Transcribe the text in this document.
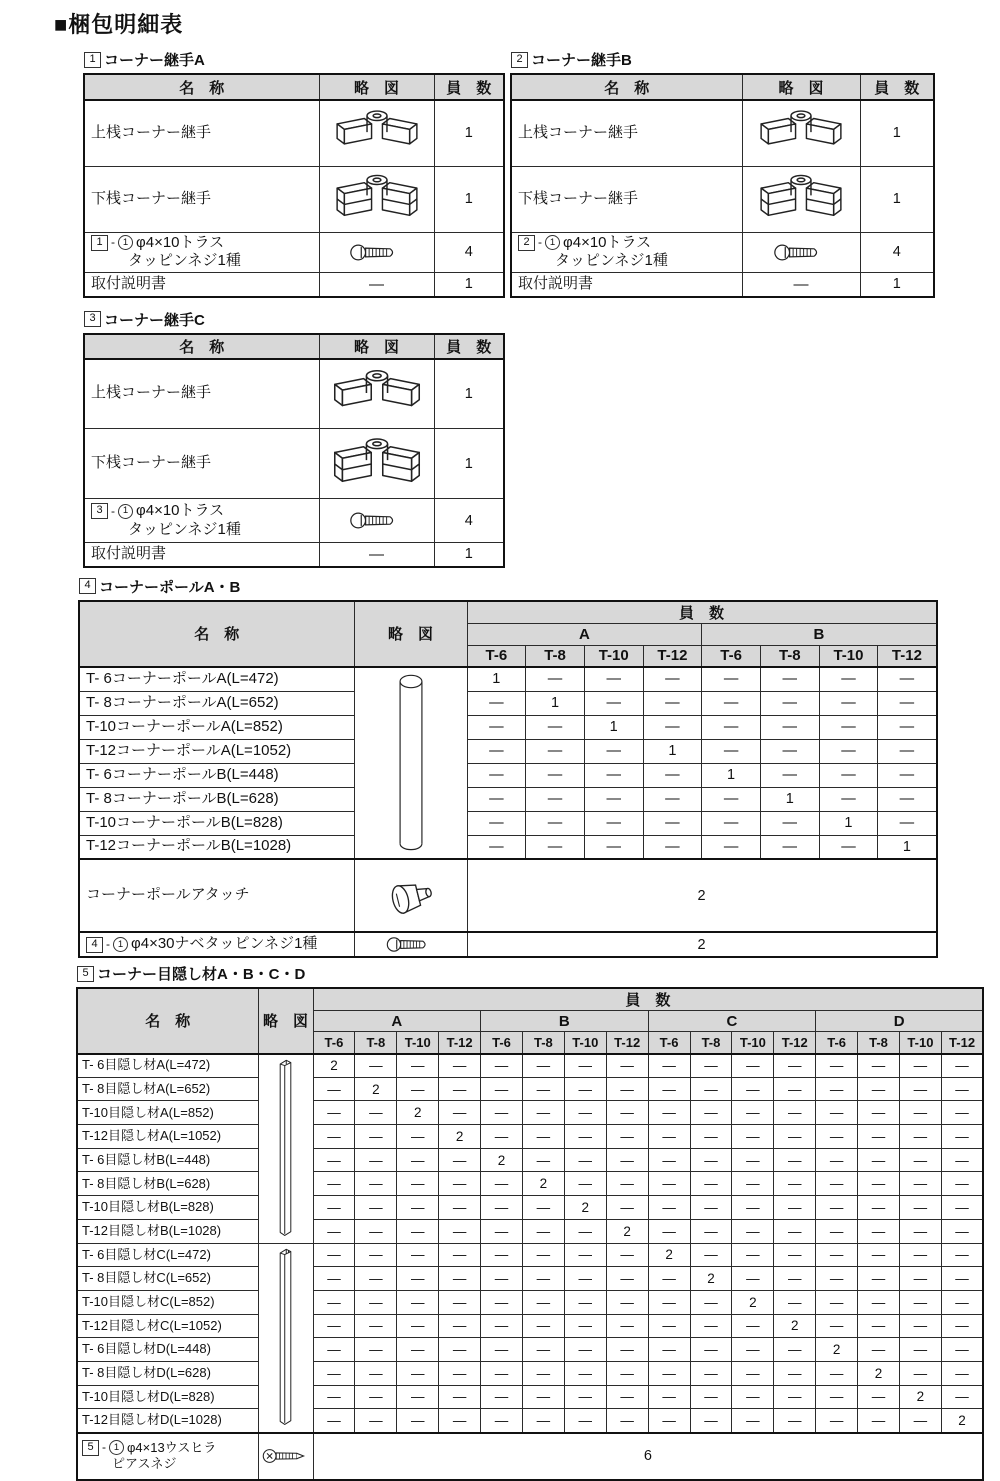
■梱包明細表
1 コーナー継手A
名　称	略　図	員　数
上桟コーナー継手		1
下桟コーナー継手		1

1 - 1 φ4×10トラス
タッピンネジ1種		4
取付説明書	―	1
2 コーナー継手B
名　称	略　図	員　数
上桟コーナー継手		1
下桟コーナー継手		1

2 - 1 φ4×10トラス
タッピンネジ1種		4
取付説明書	―	1
3 コーナー継手C
名　称	略　図	員　数
上桟コーナー継手		1
下桟コーナー継手		1

3 - 1 φ4×10トラス
タッピンネジ1種		4
取付説明書	―	1
4 コーナーポールA・B
名　称	略　図	員　数							
		A				B			
		T-6	T-8	T-10	T-12	T-6	T-8	T-10	T-12
T- 6コーナーポールA(L=472)		1	―	―	―	―	―	―	―
T- 8コーナーポールA(L=652)		―	1	―	―	―	―	―	―
T-10コーナーポールA(L=852)		―	―	1	―	―	―	―	―
T-12コーナーポールA(L=1052)		―	―	―	1	―	―	―	―
T- 6コーナーポールB(L=448)		―	―	―	―	1	―	―	―
T- 8コーナーポールB(L=628)		―	―	―	―	―	1	―	―
T-10コーナーポールB(L=828)		―	―	―	―	―	―	1	―
T-12コーナーポールB(L=1028)		―	―	―	―	―	―	―	1
コーナーポールアタッチ		2							

4 - 1 φ4×30ナベタッピンネジ1種		2							
5 コーナー目隠し材A・B・C・D
名　称	略　図	員　数															
		A				B				C				D			
		T-6	T-8	T-10	T-12	T-6	T-8	T-10	T-12	T-6	T-8	T-10	T-12	T-6	T-8	T-10	T-12
T- 6目隠し材A(L=472)		2	―	―	―	―	―	―	―	―	―	―	―	―	―	―	―
T- 8目隠し材A(L=652)		―	2	―	―	―	―	―	―	―	―	―	―	―	―	―	―
T-10目隠し材A(L=852)		―	―	2	―	―	―	―	―	―	―	―	―	―	―	―	―
T-12目隠し材A(L=1052)		―	―	―	2	―	―	―	―	―	―	―	―	―	―	―	―
T- 6目隠し材B(L=448)		―	―	―	―	2	―	―	―	―	―	―	―	―	―	―	―
T- 8目隠し材B(L=628)		―	―	―	―	―	2	―	―	―	―	―	―	―	―	―	―
T-10目隠し材B(L=828)		―	―	―	―	―	―	2	―	―	―	―	―	―	―	―	―
T-12目隠し材B(L=1028)		―	―	―	―	―	―	―	2	―	―	―	―	―	―	―	―
T- 6目隠し材C(L=472)		―	―	―	―	―	―	―	―	2	―	―	―	―	―	―	―
T- 8目隠し材C(L=652)		―	―	―	―	―	―	―	―	―	2	―	―	―	―	―	―
T-10目隠し材C(L=852)		―	―	―	―	―	―	―	―	―	―	2	―	―	―	―	―
T-12目隠し材C(L=1052)		―	―	―	―	―	―	―	―	―	―	―	2	―	―	―	―
T- 6目隠し材D(L=448)		―	―	―	―	―	―	―	―	―	―	―	―	2	―	―	―
T- 8目隠し材D(L=628)		―	―	―	―	―	―	―	―	―	―	―	―	―	2	―	―
T-10目隠し材D(L=828)		―	―	―	―	―	―	―	―	―	―	―	―	―	―	2	―
T-12目隠し材D(L=1028)		―	―	―	―	―	―	―	―	―	―	―	―	―	―	―	2

5 - 1 φ4×13ウスヒラ
ピアスネジ		6															
